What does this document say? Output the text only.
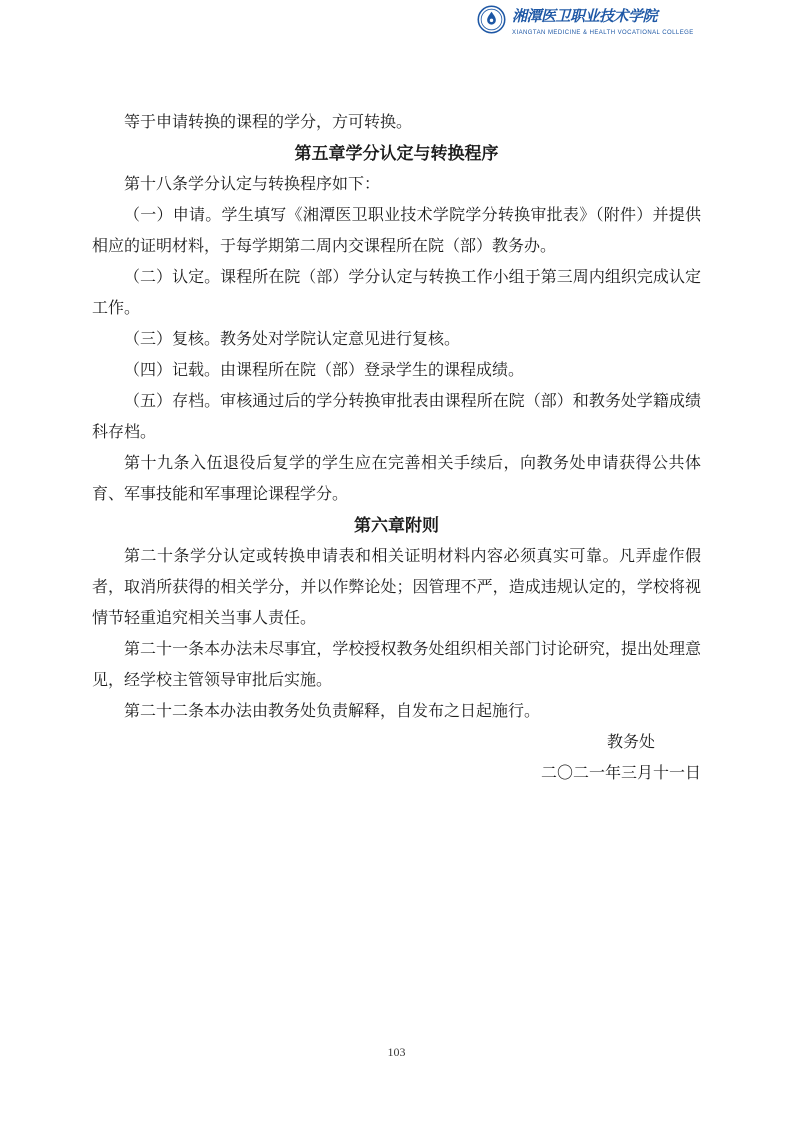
湘潭医卫职业技术学院
XIANGTAN MEDICINE & HEALTH VOCATIONAL COLLEGE

等于申请转换的课程的学分，方可转换。

第五章学分认定与转换程序

第十八条学分认定与转换程序如下：

（一）申请。学生填写《湘潭医卫职业技术学院学分转换审批表》（附件）并提供相应的证明材料，于每学期第二周内交课程所在院（部）教务办。

（二）认定。课程所在院（部）学分认定与转换工作小组于第三周内组织完成认定工作。

（三）复核。教务处对学院认定意见进行复核。

（四）记载。由课程所在院（部）登录学生的课程成绩。

（五）存档。审核通过后的学分转换审批表由课程所在院（部）和教务处学籍成绩科存档。

第十九条入伍退役后复学的学生应在完善相关手续后，向教务处申请获得公共体育、军事技能和军事理论课程学分。

第六章附则

第二十条学分认定或转换申请表和相关证明材料内容必须真实可靠。凡弄虚作假者，取消所获得的相关学分，并以作弊论处；因管理不严，造成违规认定的，学校将视情节轻重追究相关当事人责任。

第二十一条本办法未尽事宜，学校授权教务处组织相关部门讨论研究，提出处理意见，经学校主管领导审批后实施。

第二十二条本办法由教务处负责解释，自发布之日起施行。

教务处

二〇二一年三月十一日

103
